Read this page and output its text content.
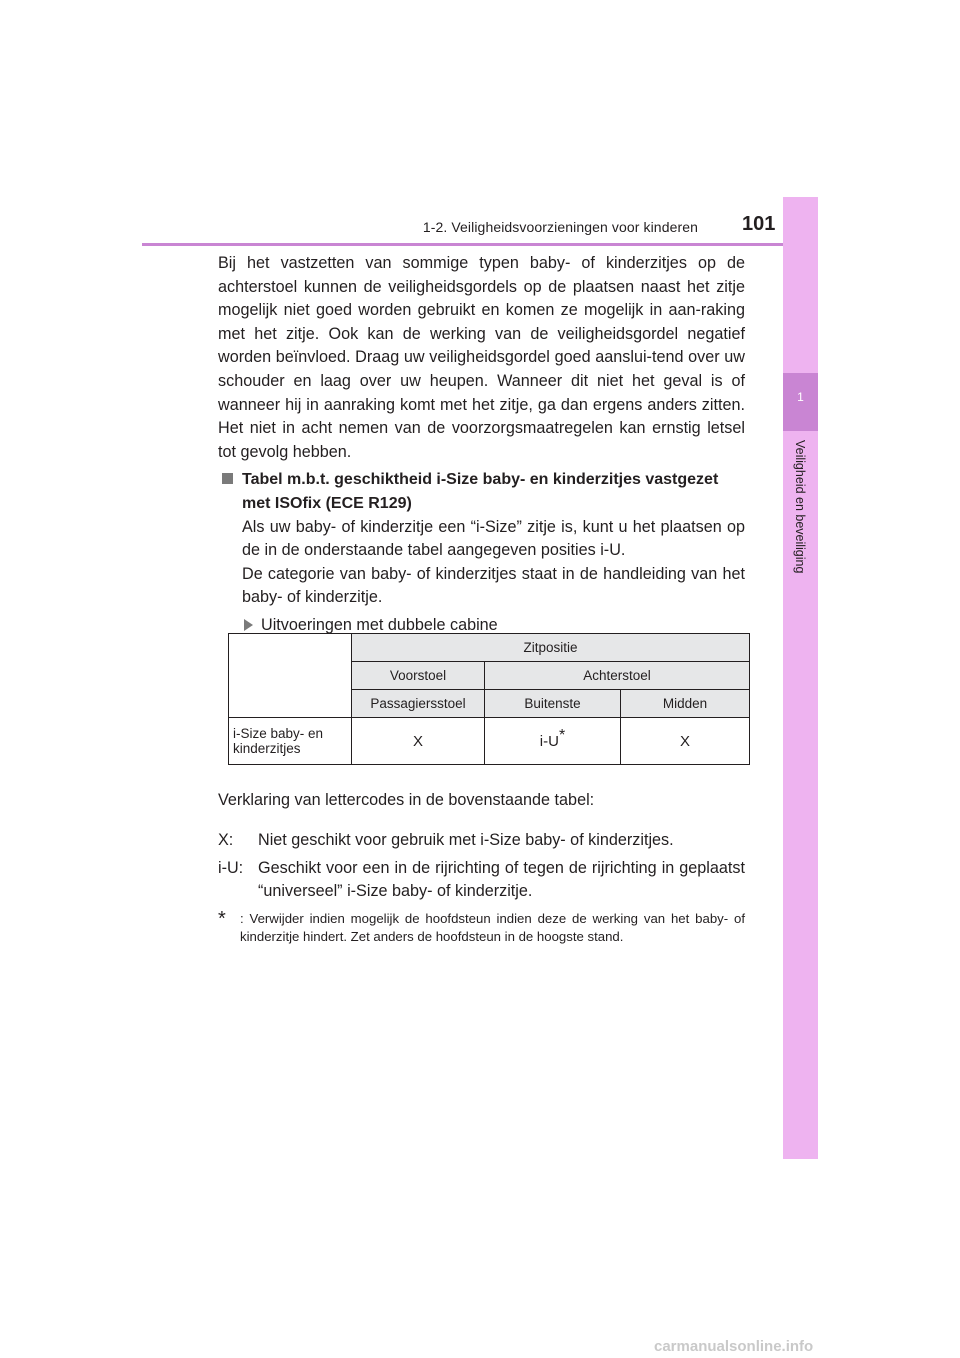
1-2. Veiligheidsvoorzieningen voor kinderen 101
1
Veiligheid en beveiliging

Bij het vastzetten van sommige typen baby- of kinderzitjes op de achterstoel kunnen de veiligheidsgordels op de plaatsen naast het zitje mogelijk niet goed worden gebruikt en komen ze mogelijk in aan-raking met het zitje. Ook kan de werking van de veiligheidsgordel negatief worden beïnvloed. Draag uw veiligheidsgordel goed aanslui-tend over uw schouder en laag over uw heupen. Wanneer dit niet het geval is of wanneer hij in aanraking komt met het zitje, ga dan ergens anders zitten. Het niet in acht nemen van de voorzorgsmaatregelen kan ernstig letsel tot gevolg hebben.

Tabel m.b.t. geschiktheid i-Size baby- en kinderzitjes vastgezet met ISOfix (ECE R129)

Als uw baby- of kinderzitje een “i-Size” zitje is, kunt u het plaatsen op de in de onderstaande tabel aangegeven posities i-U.

De categorie van baby- of kinderzitjes staat in de handleiding van het baby- of kinderzitje.

Uitvoeringen met dubbele cabine
	Zitpositie		
	Voorstoel	Achterstoel	
	Passagiersstoel	Buitenste	Midden
i-Size baby- en kinderzitjes	X	i-U*	X

Verklaring van lettercodes in de bovenstaande tabel:

X:	Niet geschikt voor gebruik met i-Size baby- of kinderzitjes.
i-U: Geschikt voor een in de rijrichting of tegen de rijrichting in geplaatst “universeel” i-Size baby- of kinderzitje.
*	: Verwijder indien mogelijk de hoofdsteun indien deze de werking van het baby- of kinderzitje hindert. Zet anders de hoofdsteun in de hoogste stand.
carmanualsonline.info
